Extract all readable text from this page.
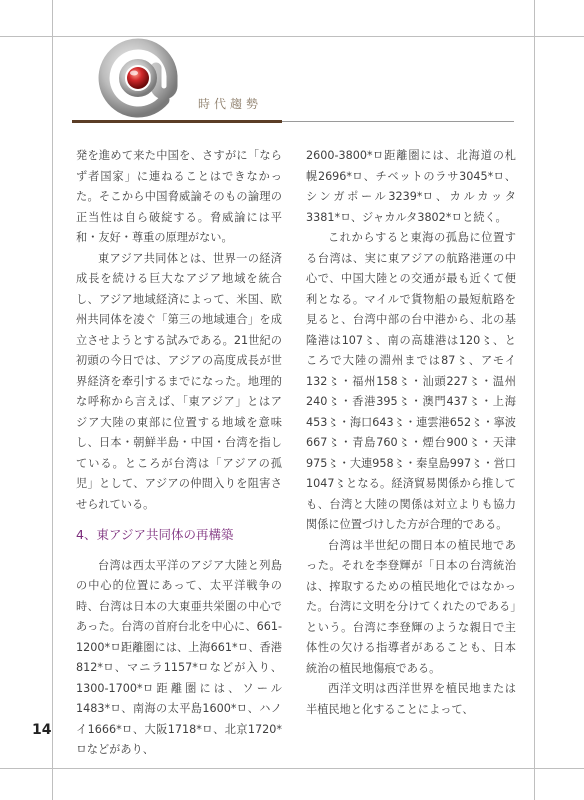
時代趨勢

発を進めて来た中国を、さすがに「ならず者国家」に連ねることはできなかった。そこから中国脅威論そのもの論理の正当性は自ら破綻する。脅威論には平和・友好・尊重の原理がない。

東アジア共同体とは、世界一の経済成長を続ける巨大なアジア地域を統合し、アジア地域経済によって、米国、欧州共同体を凌ぐ「第三の地域連合」を成立させようとする試みである。21世紀の初頭の今日では、アジアの高度成長が世界経済を牽引するまでになった。地理的な呼称から言えば、「東アジア」とはアジア大陸の東部に位置する地域を意味し、日本・朝鮮半島・中国・台湾を指している。ところが台湾は「アジアの孤児」として、アジアの仲間入りを阻害させられている。

4、東アジア共同体の再構築

台湾は西太平洋のアジア大陸と列島の中心的位置にあって、太平洋戦争の時、台湾は日本の大東亜共栄圏の中心であった。台湾の首府台北を中心に、661-1200*ㅁ距離圏には、上海661*ㅁ、香港812*ㅁ、マニラ1157*ㅁなどが入り、1300-1700*ㅁ距離圏には、ソール1483*ㅁ、南海の太平島1600*ㅁ、ハノイ1666*ㅁ、大阪1718*ㅁ、北京1720*ㅁなどがあり、

2600-3800*ㅁ距離圏には、北海道の札幌2696*ㅁ、チベットのラサ3045*ㅁ、シンガポール3239*ㅁ、カルカッタ3381*ㅁ、ジャカルタ3802*ㅁと続く。

これからすると東海の孤島に位置する台湾は、実に東アジアの航路港運の中心で、中国大陸との交通が最も近くて便利となる。マイルで貨物船の最短航路を見ると、台湾中部の台中港から、北の基隆港は107〻、南の高雄港は120〻、ところで大陸の淵州までは87〻、アモイ132〻・福州158〻・汕頭227〻・温州240〻・香港395〻・澳門437〻・上海453〻・海口643〻・連雲港652〻・寧波667〻・青島760〻・煙台900〻・天津975〻・大連958〻・秦皇島997〻・営口1047〻となる。経済貿易関係から推しても、台湾と大陸の関係は対立よりも協力関係に位置づけした方が合理的である。

台湾は半世紀の間日本の植民地であった。それを李登輝が「日本の台湾統治は、搾取するための植民地化ではなかった。台湾に文明を分けてくれたのである」という。台湾に李登輝のような親日で主体性の欠ける指導者があることも、日本統治の植民地傷痕である。

西洋文明は西洋世界を植民地または半植民地と化することによって、

14
